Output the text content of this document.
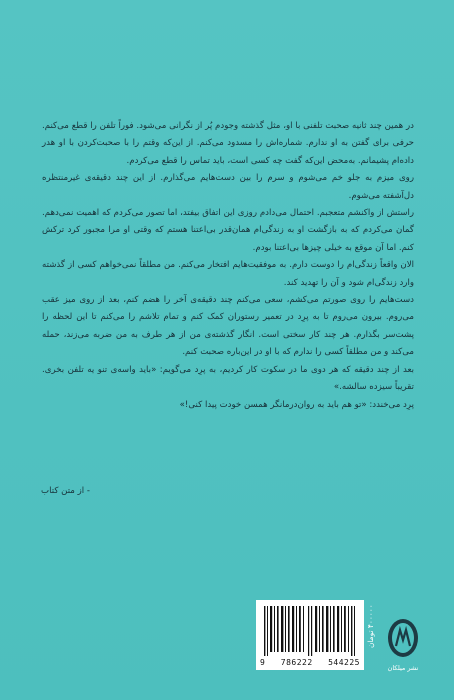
در همین چند ثانیه صحبت تلفنی با او، مثل گذشته وجودم پُر از نگرانی می‌شود. فوراً تلفن را قطع می‌کنم. حرفی برای گفتن به او ندارم. شماره‌اش را مسدود می‌کنم. از این‌که وقتم را با صحبت‌کردن با او هدر داده‌ام پشیمانم. به‌محض این‌که گفت چه کسی است، باید تماس را قطع می‌کردم.

روی میزم به جلو خم می‌شوم و سرم را بین دست‌هایم می‌گذارم. از این چند دقیقه‌ی غیرمنتظره دل‌آشفته می‌شوم.

راستش از واکنشم متعجبم. احتمال می‌دادم روزی این اتفاق بیفتد، اما تصور می‌کردم که اهمیت نمی‌دهم. گمان می‌کردم که به بازگشت او به زندگی‌ام همان‌قدر بی‌اعتنا هستم که وقتی او مرا مجبور کرد ترکش کنم. اما آن موقع به خیلی چیزها بی‌اعتنا بودم.

الان واقعاً زندگی‌ام را دوست دارم. به موفقیت‌هایم افتخار می‌کنم. من مطلقاً نمی‌خواهم کسی از گذشته وارد زندگی‌ام شود و آن را تهدید کند.

دست‌هایم را روی صورتم می‌کشم، سعی می‌کنم چند دقیقه‌ی آخر را هضم کنم، بعد از روی میز عقب می‌روم. بیرون می‌روم تا به پرِد در تعمیر رستوران کمک کنم و تمام تلاشم را می‌کنم تا این لحظه را پشت‌سر بگذارم. هر چند کار سختی است. انگار گذشته‌ی من از هر طرف به من ضربه می‌زند، حمله می‌کند و من مطلقاً کسی را ندارم که با او در این‌باره صحبت کنم.

بعد از چند دقیقه که هر دوی ما در سکوت کار کردیم، به پرِد می‌گویم: «باید واسه‌ی تنو یه تلفن بخری. تقریباً سیزده سالشه.»

پرِد می‌خندد: «تو هم باید به روان‌درمانگر همسن خودت پیدا کنی!»

- از متن کتاب
9 786222 544225
۴۰۰۰۰۰ تومان
نشر میلکان
